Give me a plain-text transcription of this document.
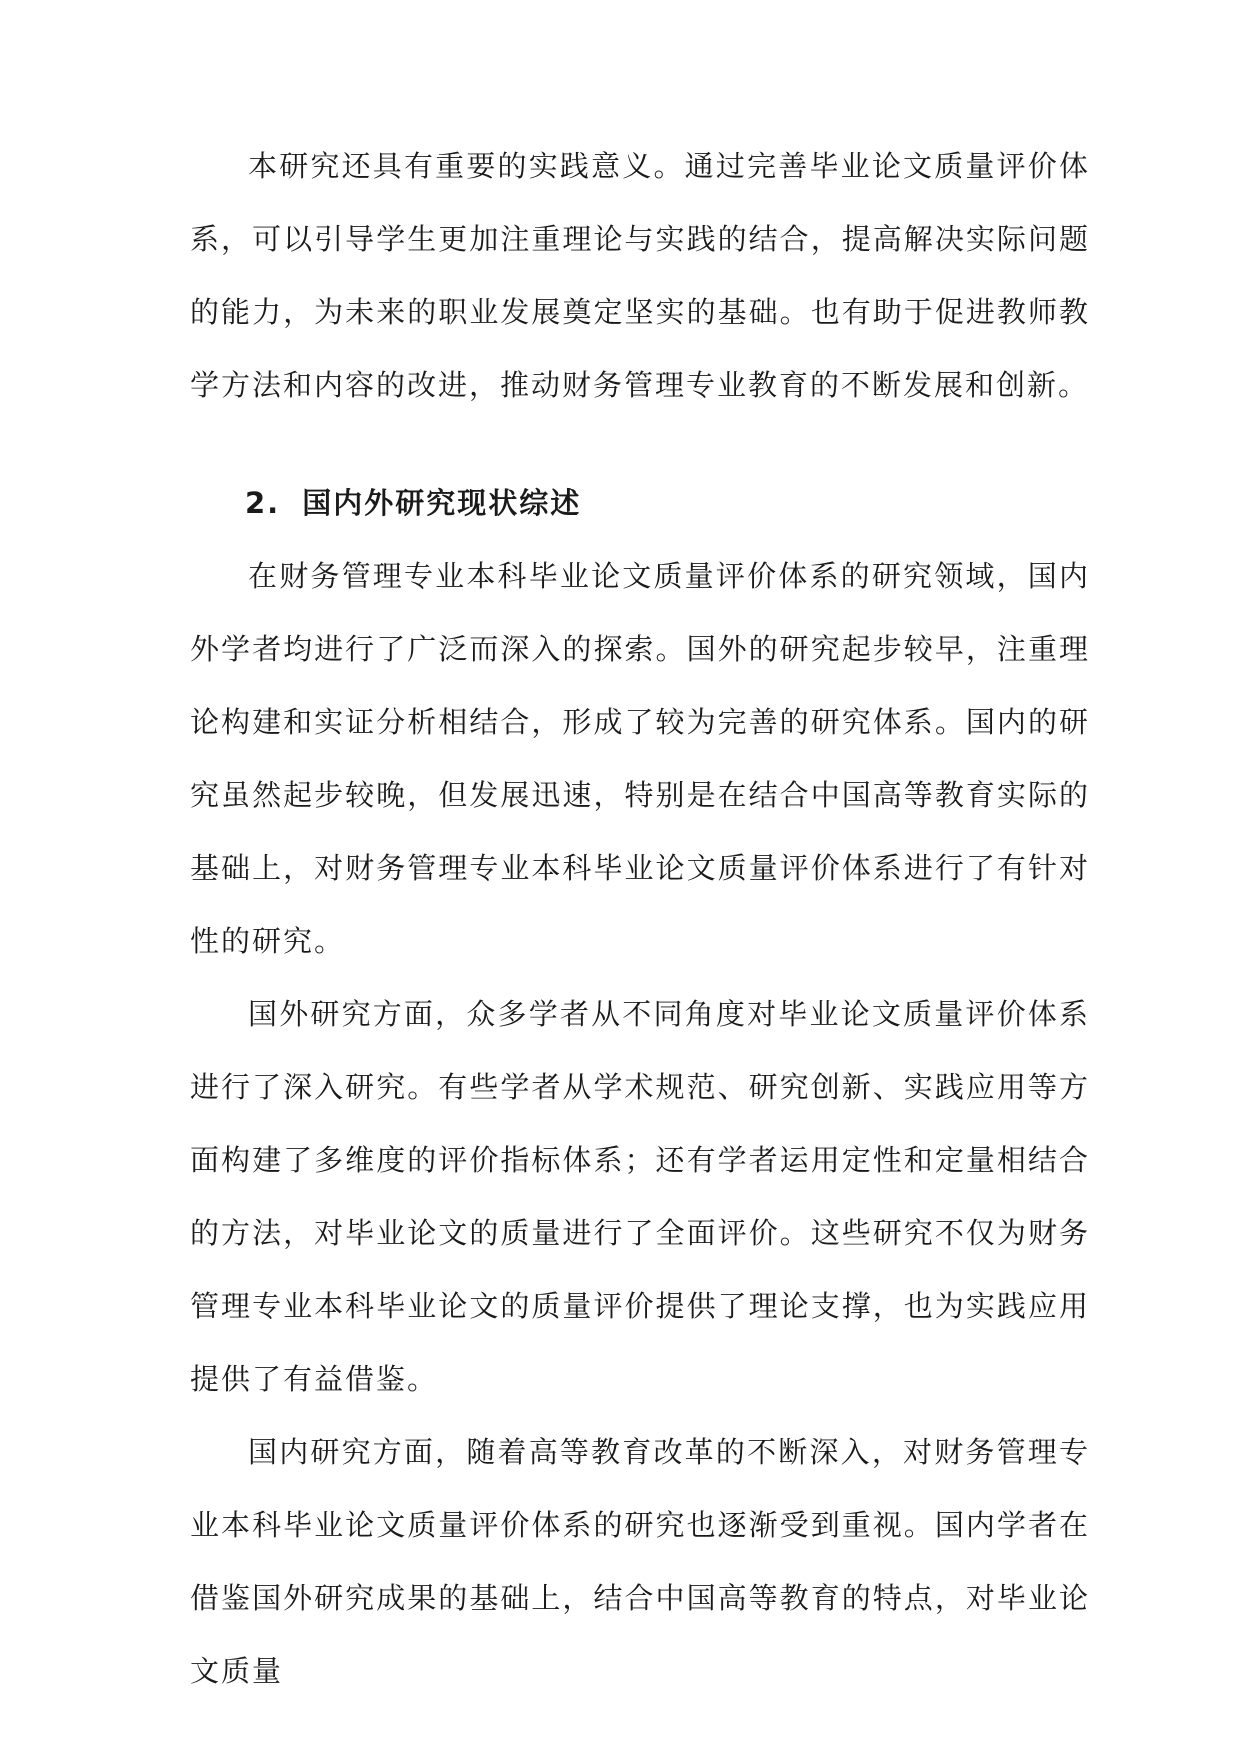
本研究还具有重要的实践意义。通过完善毕业论文质量评价体系，可以引导学生更加注重理论与实践的结合，提高解决实际问题的能力，为未来的职业发展奠定坚实的基础。也有助于促进教师教学方法和内容的改进，推动财务管理专业教育的不断发展和创新。

2. 国内外研究现状综述

在财务管理专业本科毕业论文质量评价体系的研究领域，国内外学者均进行了广泛而深入的探索。国外的研究起步较早，注重理论构建和实证分析相结合，形成了较为完善的研究体系。国内的研究虽然起步较晚，但发展迅速，特别是在结合中国高等教育实际的基础上，对财务管理专业本科毕业论文质量评价体系进行了有针对性的研究。

国外研究方面，众多学者从不同角度对毕业论文质量评价体系进行了深入研究。有些学者从学术规范、研究创新、实践应用等方面构建了多维度的评价指标体系；还有学者运用定性和定量相结合的方法，对毕业论文的质量进行了全面评价。这些研究不仅为财务管理专业本科毕业论文的质量评价提供了理论支撑，也为实践应用提供了有益借鉴。

国内研究方面，随着高等教育改革的不断深入，对财务管理专业本科毕业论文质量评价体系的研究也逐渐受到重视。国内学者在借鉴国外研究成果的基础上，结合中国高等教育的特点，对毕业论文质量
